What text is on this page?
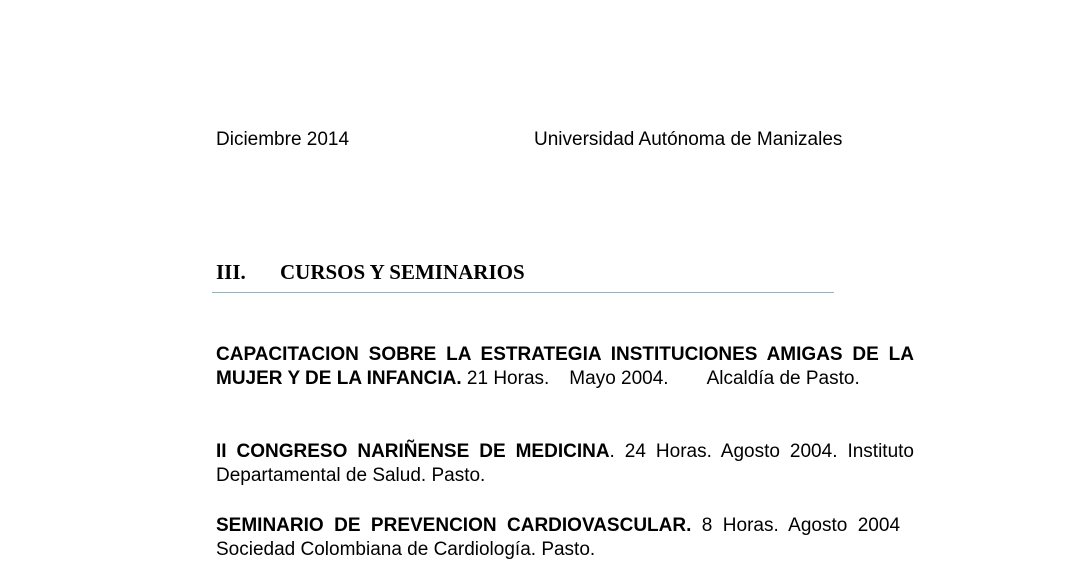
Diciembre 2014	Universidad Autónoma de Manizales
III. CURSOS Y SEMINARIOS
CAPACITACION SOBRE LA ESTRATEGIA INSTITUCIONES AMIGAS DE LA MUJER Y DE LA INFANCIA. 21 Horas. Mayo 2004. Alcaldía de Pasto.
II CONGRESO NARIÑENSE DE MEDICINA. 24 Horas. Agosto 2004. Instituto Departamental de Salud. Pasto.
SEMINARIO DE PREVENCION CARDIOVASCULAR. 8 Horas. Agosto 2004Sociedad Colombiana de Cardiología. Pasto.
